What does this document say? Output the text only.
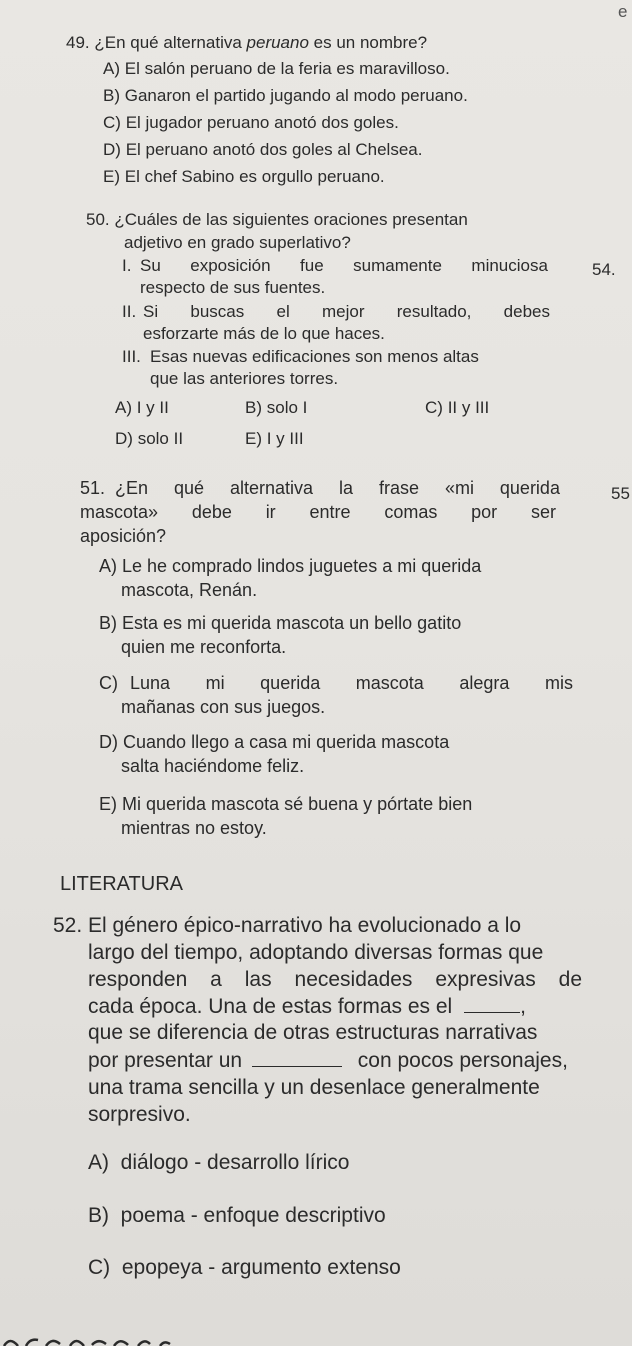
e
49. ¿En qué alternativa peruano es un nombre?
A) El salón peruano de la feria es maravilloso.
B) Ganaron el partido jugando al modo peruano.
C) El jugador peruano anotó dos goles.
D) El peruano anotó dos goles al Chelsea.
E) El chef Sabino es orgullo peruano.
50. ¿Cuáles de las siguientes oraciones presentan
adjetivo en grado superlativo?
I. Su exposición fue sumamente minuciosa
respecto de sus fuentes.
II. Si buscas el mejor resultado, debes
esforzarte más de lo que haces.
III. Esas nuevas edificaciones son menos altas
que las anteriores torres.
A) I y II	B) solo I	C) II y III
D) solo II	E) I y III
54.
55
51. ¿En qué alternativa la frase «mi querida
mascota» debe ir entre comas por ser
aposición?
A) Le he comprado lindos juguetes a mi querida
mascota, Renán.
B) Esta es mi querida mascota un bello gatito
quien me reconforta.
C) Luna mi querida mascota alegra mis
mañanas con sus juegos.
D) Cuando llego a casa mi querida mascota
salta haciéndome feliz.
E) Mi querida mascota sé buena y pórtate bien
mientras no estoy.
LITERATURA
52. El género épico-narrativo ha evolucionado a lo
largo del tiempo, adoptando diversas formas que
responden a las necesidades expresivas de
cada época. Una de estas formas es el	,
que se diferencia de otras estructuras narrativas
por presentar un	con pocos personajes,
una trama sencilla y un desenlace generalmente
sorpresivo.
A) diálogo - desarrollo lírico
B) poema - enfoque descriptivo
C) epopeya - argumento extenso
